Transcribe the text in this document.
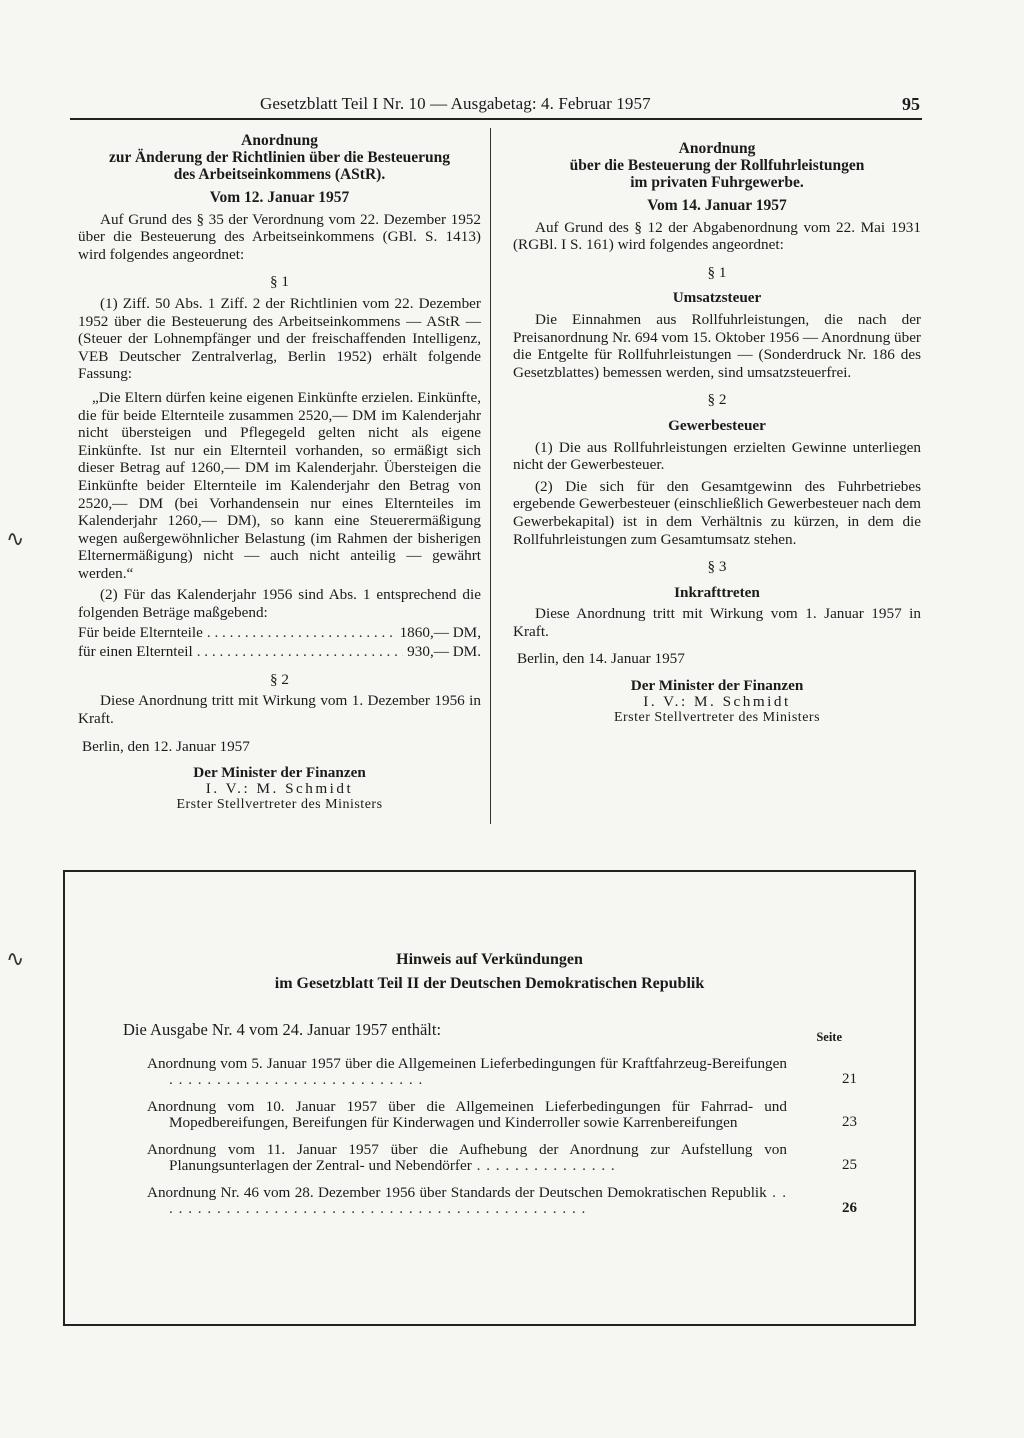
Gesetzblatt Teil I Nr. 10 — Ausgabetag: 4. Februar 1957	95
Anordnung
zur Änderung der Richtlinien über die Besteuerung
des Arbeitseinkommens (AStR).
Vom 12. Januar 1957

Auf Grund des § 35 der Verordnung vom 22. Dezember 1952 über die Besteuerung des Arbeitseinkommens (GBl. S. 1413) wird folgendes angeordnet:

§ 1

(1) Ziff. 50 Abs. 1 Ziff. 2 der Richtlinien vom 22. Dezember 1952 über die Besteuerung des Arbeitseinkommens — AStR — (Steuer der Lohnempfänger und der freischaffenden Intelligenz, VEB Deutscher Zentralverlag, Berlin 1952) erhält folgende Fassung:

„Die Eltern dürfen keine eigenen Einkünfte erzielen. Einkünfte, die für beide Elternteile zusammen 2520,— DM im Kalenderjahr nicht übersteigen und Pflegegeld gelten nicht als eigene Einkünfte. Ist nur ein Elternteil vorhanden, so ermäßigt sich dieser Betrag auf 1260,— DM im Kalenderjahr. Übersteigen die Einkünfte beider Elternteile im Kalenderjahr den Betrag von 2520,— DM (bei Vorhandensein nur eines Elternteiles im Kalenderjahr 1260,— DM), so kann eine Steuerermäßigung wegen außergewöhnlicher Belastung (im Rahmen der bisherigen Elternermäßigung) nicht — auch nicht anteilig — gewährt werden.“

(2) Für das Kalenderjahr 1956 sind Abs. 1 entsprechend die folgenden Beträge maßgebend:

Für beide Elternteile . . .	1860,— DM,
für einen Elternteil . . .	930,— DM.
§ 2

Diese Anordnung tritt mit Wirkung vom 1. Dezember 1956 in Kraft.

Berlin, den 12. Januar 1957
Der Minister der Finanzen
I. V.: M. Schmidt
Erster Stellvertreter des Ministers
Anordnung
über die Besteuerung der Rollfuhrleistungen
im privaten Fuhrgewerbe.
Vom 14. Januar 1957

Auf Grund des § 12 der Abgabenordnung vom 22. Mai 1931 (RGBl. I S. 161) wird folgendes angeordnet:

§ 1
Umsatzsteuer

Die Einnahmen aus Rollfuhrleistungen, die nach der Preisanordnung Nr. 694 vom 15. Oktober 1956 — Anordnung über die Entgelte für Rollfuhrleistungen — (Sonderdruck Nr. 186 des Gesetzblattes) bemessen werden, sind umsatzsteuerfrei.

§ 2
Gewerbesteuer

(1) Die aus Rollfuhrleistungen erzielten Gewinne unterliegen nicht der Gewerbesteuer.

(2) Die sich für den Gesamtgewinn des Fuhrbetriebes ergebende Gewerbesteuer (einschließlich Gewerbesteuer nach dem Gewerbekapital) ist in dem Verhältnis zu kürzen, in dem die Rollfuhrleistungen zum Gesamtumsatz stehen.

§ 3
Inkrafttreten

Diese Anordnung tritt mit Wirkung vom 1. Januar 1957 in Kraft.

Berlin, den 14. Januar 1957
Der Minister der Finanzen
I. V.: M. Schmidt
Erster Stellvertreter des Ministers
Hinweis auf Verkündungen
im Gesetzblatt Teil II der Deutschen Demokratischen Republik
Die Ausgabe Nr. 4 vom 24. Januar 1957 enthält:	Seite
Anordnung vom 5. Januar 1957 über die Allgemeinen Lieferbedingungen für Kraftfahrzeug-Bereifungen . . . . . . . . . . . . . . . . . . . . . . . . . . .	21
Anordnung vom 10. Januar 1957 über die Allgemeinen Lieferbedingungen für Fahrrad- und Mopedbereifungen, Bereifungen für Kinderwagen und Kinderroller sowie Karrenbereifungen	23
Anordnung vom 11. Januar 1957 über die Aufhebung der Anordnung zur Aufstellung von Planungsunterlagen der Zentral- und Nebendörfer . . . . . . . . . . . . . . .	25
Anordnung Nr. 46 vom 28. Dezember 1956 über Standards der Deutschen Demokratischen Republik . . . . . . . . . . . . . . . . . . . . . . . . . . . . . . . . . . . . . . . . . . . . . .	26
∿
∿
